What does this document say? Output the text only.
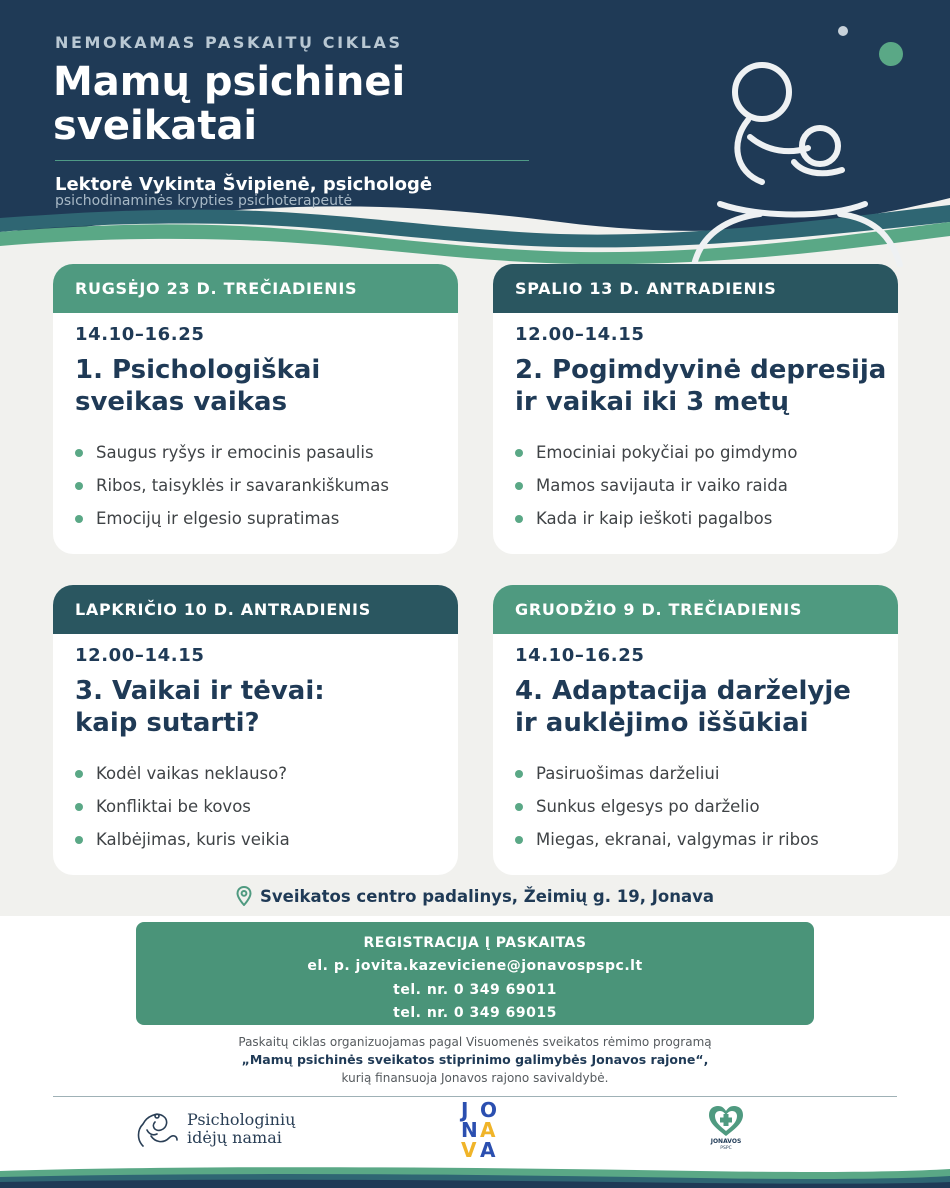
NEMOKAMAS PASKAITŲ CIKLAS
Mamų psichinei
sveikatai
Lektorė Vykinta Švipienė, psichologė
psichodinaminės krypties psichoterapeutė
RUGSĖJO 23 D. TREČIADIENIS
14.10–16.25
1. Psichologiškai
sveikas vaikas
Saugus ryšys ir emocinis pasaulis
Ribos, taisyklės ir savarankiškumas
Emocijų ir elgesio supratimas
SPALIO 13 D. ANTRADIENIS
12.00–14.15
2. Pogimdyvinė depresija
ir vaikai iki 3 metų
Emociniai pokyčiai po gimdymo
Mamos savijauta ir vaiko raida
Kada ir kaip ieškoti pagalbos
LAPKRIČIO 10 D. ANTRADIENIS
12.00–14.15
3. Vaikai ir tėvai:
kaip sutarti?
Kodėl vaikas neklauso?
Konfliktai be kovos
Kalbėjimas, kuris veikia
GRUODŽIO 9 D. TREČIADIENIS
14.10–16.25
4. Adaptacija darželyje
ir auklėjimo iššūkiai
Pasiruošimas darželiui
Sunkus elgesys po darželio
Miegas, ekranai, valgymas ir ribos
Sveikatos centro padalinys, Žeimių g. 19, Jonava
REGISTRACIJA Į PASKAITAS
el. p. jovita.kazeviciene@jonavospspc.lt
tel. nr. 0 349 69011
tel. nr. 0 349 69015
Paskaitų ciklas organizuojamas pagal Visuomenės sveikatos rėmimo programą
„Mamų psichinės sveikatos stiprinimo galimybės Jonavos rajone“,
kurią finansuoja Jonavos rajono savivaldybė.
Psichologinių
idėjų namai
J O
N A
V A	JONAVOS
PSPC
